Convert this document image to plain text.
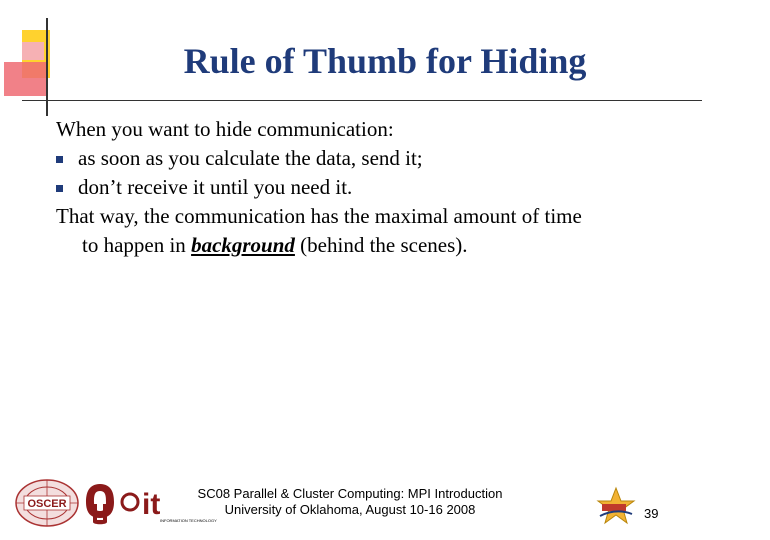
Rule of Thumb for Hiding
When you want to hide communication:
as soon as you calculate the data, send it;
don’t receive it until you need it.
That way, the communication has the maximal amount of time
to happen in background (behind the scenes).
OSCER	it INFORMATION TECHNOLOGY
SC08 Parallel & Cluster Computing: MPI Introduction
University of Oklahoma, August 10-16 2008	39
